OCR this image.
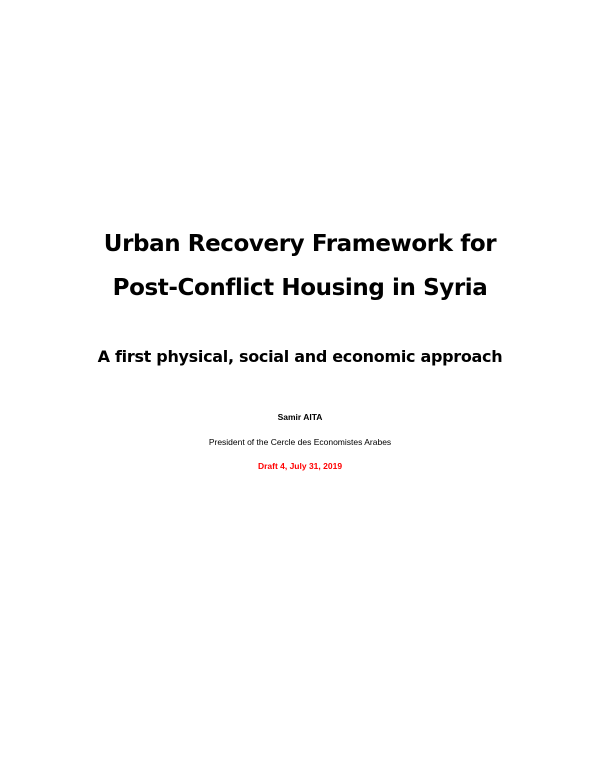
Urban Recovery Framework for
Post-Conflict Housing in Syria
A first physical, social and economic approach
Samir AITA
President of the Cercle des Economistes Arabes
Draft 4, July 31, 2019
